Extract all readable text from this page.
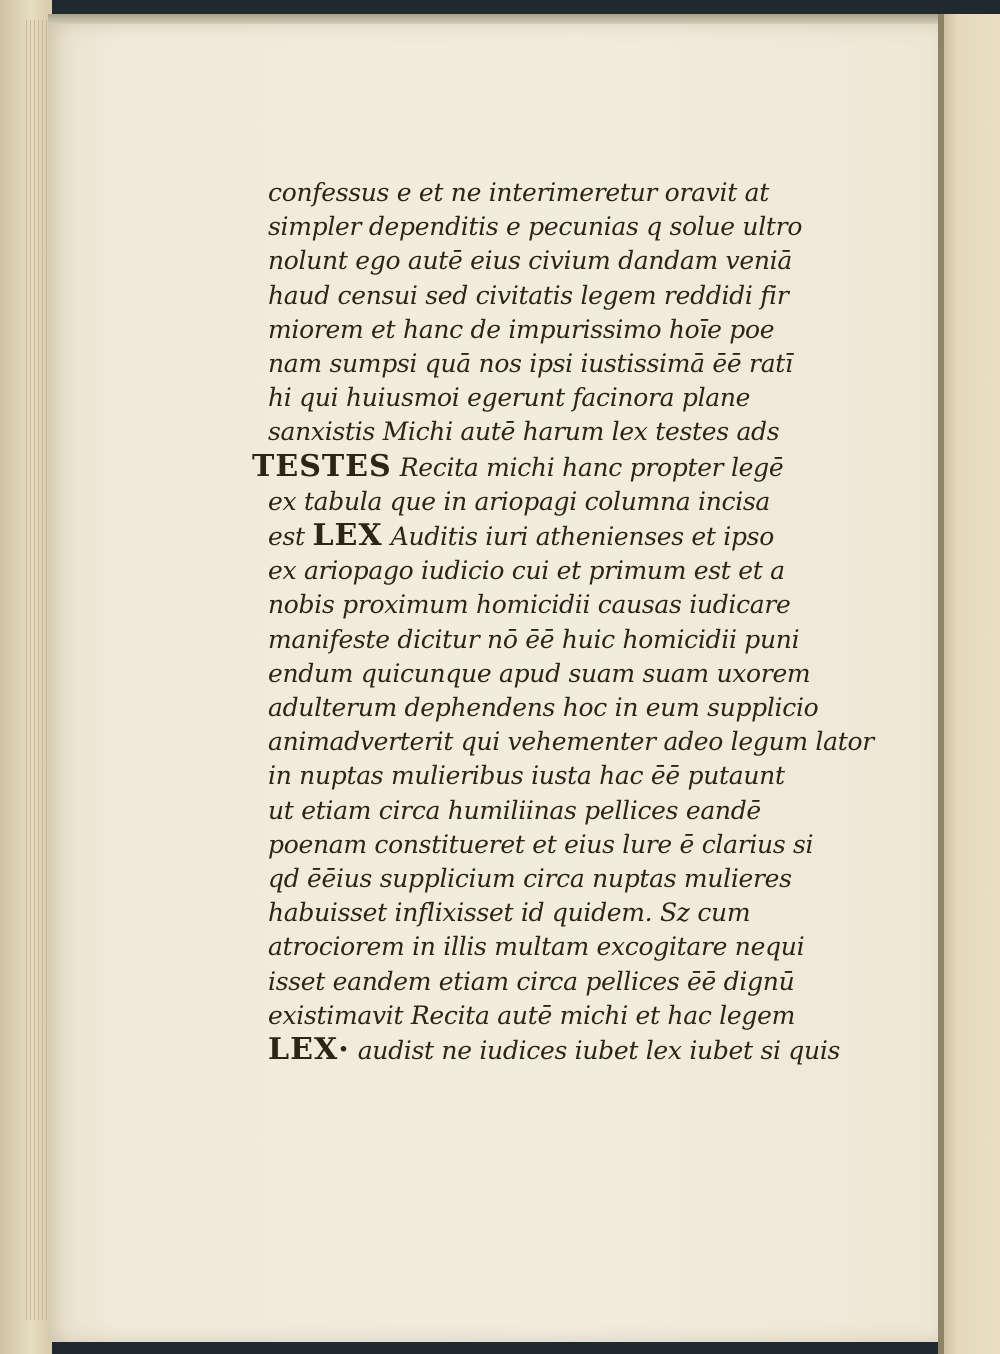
confessus e et ne interimeretur oravit at
simpler dependitis e pecunias q solue ultro
nolunt ego autē eius civium dandam veniā
haud censui sed civitatis legem reddidi fir
miorem et hanc de impurissimo hoīe poe
nam sumpsi quā nos ipsi iustissimā ēē ratī
hi qui huiusmoi egerunt facinora plane
sanxistis Michi autē harum lex testes ads
TESTES Recita michi hanc propter legē
ex tabula que in ariopagi columna incisa
est LEX Auditis iuri athenienses et ipso
ex ariopago iudicio cui et primum est et a
nobis proximum homicidii causas iudicare
manifeste dicitur nō ēē huic homicidii puni
endum quicunque apud suam suam uxorem
adulterum dephendens hoc in eum supplicio
animadverterit qui vehementer adeo legum lator
in nuptas mulieribus iusta hac ēē putaunt
ut etiam circa humiliinas pellices eandē
poenam constitueret et eius lure ē clarius si
qd ēēius supplicium circa nuptas mulieres
habuisset inflixisset id quidem. Sz cum
atrociorem in illis multam excogitare nequi
isset eandem etiam circa pellices ēē dignū
existimavit Recita autē michi et hac legem
LEX· audist ne iudices iubet lex iubet si quis
